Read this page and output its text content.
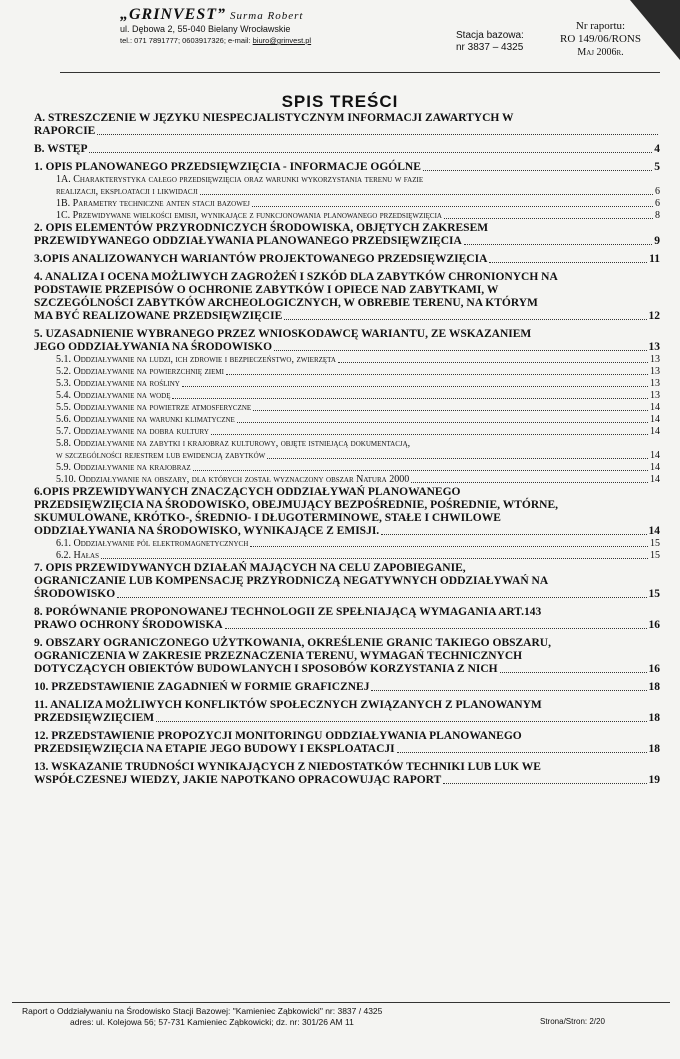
„GRINVEST” Surma Robert
ul. Dębowa 2, 55-040 Bielany Wrocławskie
tel.: 071 7891777; 0603917326; e-mail: biuro@grinvest.pl	Stacja bazowa:
nr 3837 – 4325
Nr raportu:
RO 149/06/RONS
Maj 2006r.
SPIS TREŚCI

A. STRESZCZENIE W JĘZYKU NIESPECJALISTYCZNYM INFORMACJI ZAWARTYCH W

RAPORCIE
B. WSTĘP	4
1. OPIS PLANOWANEGO PRZEDSIĘWZIĘCIA - INFORMACJE OGÓLNE	5

1A. Charakterystyka całego przedsięwzięcia oraz warunki wykorzystania terenu w fazie

realizacji, eksploatacji i likwidacji	6
1B. Parametry techniczne anten stacji bazowej	6
1C. Przewidywane wielkości emisji, wynikające z funkcjonowania planowanego przedsięwzięcia	8

2. OPIS ELEMENTÓW PRZYRODNICZYCH ŚRODOWISKA, OBJĘTYCH ZAKRESEM

PRZEWIDYWANEGO ODDZIAŁYWANIA PLANOWANEGO PRZEDSIĘWZIĘCIA	9
3.OPIS ANALIZOWANYCH WARIANTÓW PROJEKTOWANEGO PRZEDSIĘWZIĘCIA	11

4. ANALIZA I OCENA MOŻLIWYCH ZAGROŻEŃ I SZKÓD DLA ZABYTKÓW CHRONIONYCH NA

PODSTAWIE PRZEPISÓW O OCHRONIE ZABYTKÓW I OPIECE NAD ZABYTKAMI, W

SZCZEGÓLNOŚCI ZABYTKÓW ARCHEOLOGICZNYCH, W OBREBIE TERENU, NA KTÓRYM

MA BYĆ REALIZOWANE PRZEDSIĘWZIĘCIE	12

5. UZASADNIENIE WYBRANEGO PRZEZ WNIOSKODAWCĘ WARIANTU, ZE WSKAZANIEM

JEGO ODDZIAŁYWANIA NA ŚRODOWISKO	13
5.1. Oddziaływanie na ludzi, ich zdrowie i bezpieczeństwo, zwierzęta	13
5.2. Oddziaływanie na powierzchnię ziemi	13
5.3. Oddziaływanie na rośliny	13
5.4. Oddziaływanie na wodę	13
5.5. Oddziaływanie na powietrze atmosferyczne	14
5.6. Oddziaływanie na warunki klimatyczne	14
5.7. Oddziaływanie na dobra kultury	14

5.8. Oddziaływanie na zabytki i krajobraz kulturowy, objęte istniejącą dokumentacją,

w szczególności rejestrem lub ewidencją zabytków	14
5.9. Oddziaływanie na krajobraz	14
5.10. Oddziaływanie na obszary, dla których został wyznaczony obszar Natura 2000	14

6.OPIS PRZEWIDYWANYCH ZNACZĄCYCH ODDZIAŁYWAŃ PLANOWANEGO

PRZEDSIĘWZIĘCIA NA ŚRODOWISKO, OBEJMUJĄCY BEZPOŚREDNIE, POŚREDNIE, WTÓRNE,

SKUMULOWANE, KRÓTKO-, ŚREDNIO- I DŁUGOTERMINOWE, STAŁE I CHWILOWE

ODDZIAŁYWANIA NA ŚRODOWISKO, WYNIKAJĄCE Z EMISJI.	14
6.1. Oddziaływanie pól elektromagnetycznych	15
6.2. Hałas	15

7. OPIS PRZEWIDYWANYCH DZIAŁAŃ MAJĄCYCH NA CELU ZAPOBIEGANIE,

OGRANICZANIE LUB KOMPENSACJĘ PRZYRODNICZĄ NEGATYWNYCH ODDZIAŁYWAŃ NA

ŚRODOWISKO	15

8. PORÓWNANIE PROPONOWANEJ TECHNOLOGII ZE SPEŁNIAJĄCĄ WYMAGANIA ART.143

PRAWO OCHRONY ŚRODOWISKA	16

9. OBSZARY OGRANICZONEGO UŻYTKOWANIA, OKREŚLENIE GRANIC TAKIEGO OBSZARU,

OGRANICZENIA W ZAKRESIE PRZEZNACZENIA TERENU, WYMAGAŃ TECHNICZNYCH

DOTYCZĄCYCH OBIEKTÓW BUDOWLANYCH I SPOSOBÓW KORZYSTANIA Z NICH	16
10. PRZEDSTAWIENIE ZAGADNIEŃ W FORMIE GRAFICZNEJ	18

11. ANALIZA MOŻLIWYCH KONFLIKTÓW SPOŁECZNYCH ZWIĄZANYCH Z PLANOWANYM

PRZEDSIĘWZIĘCIEM	18

12. PRZEDSTAWIENIE PROPOZYCJI MONITORINGU ODDZIAŁYWANIA PLANOWANEGO

PRZEDSIĘWZIĘCIA NA ETAPIE JEGO BUDOWY I EKSPLOATACJI	18

13. WSKAZANIE TRUDNOŚCI WYNIKAJĄCYCH Z NIEDOSTATKÓW TECHNIKI LUB LUK WE

WSPÓŁCZESNEJ WIEDZY, JAKIE NAPOTKANO OPRACOWUJĄC RAPORT	19
Raport o Oddziaływaniu na Środowisko Stacji Bazowej: "Kamieniec Ząbkowicki" nr: 3837 / 4325
adres: ul. Kolejowa 56; 57-731 Kamieniec Ząbkowicki; dz. nr: 301/26 AM 11	Strona/Stron: 2/20
